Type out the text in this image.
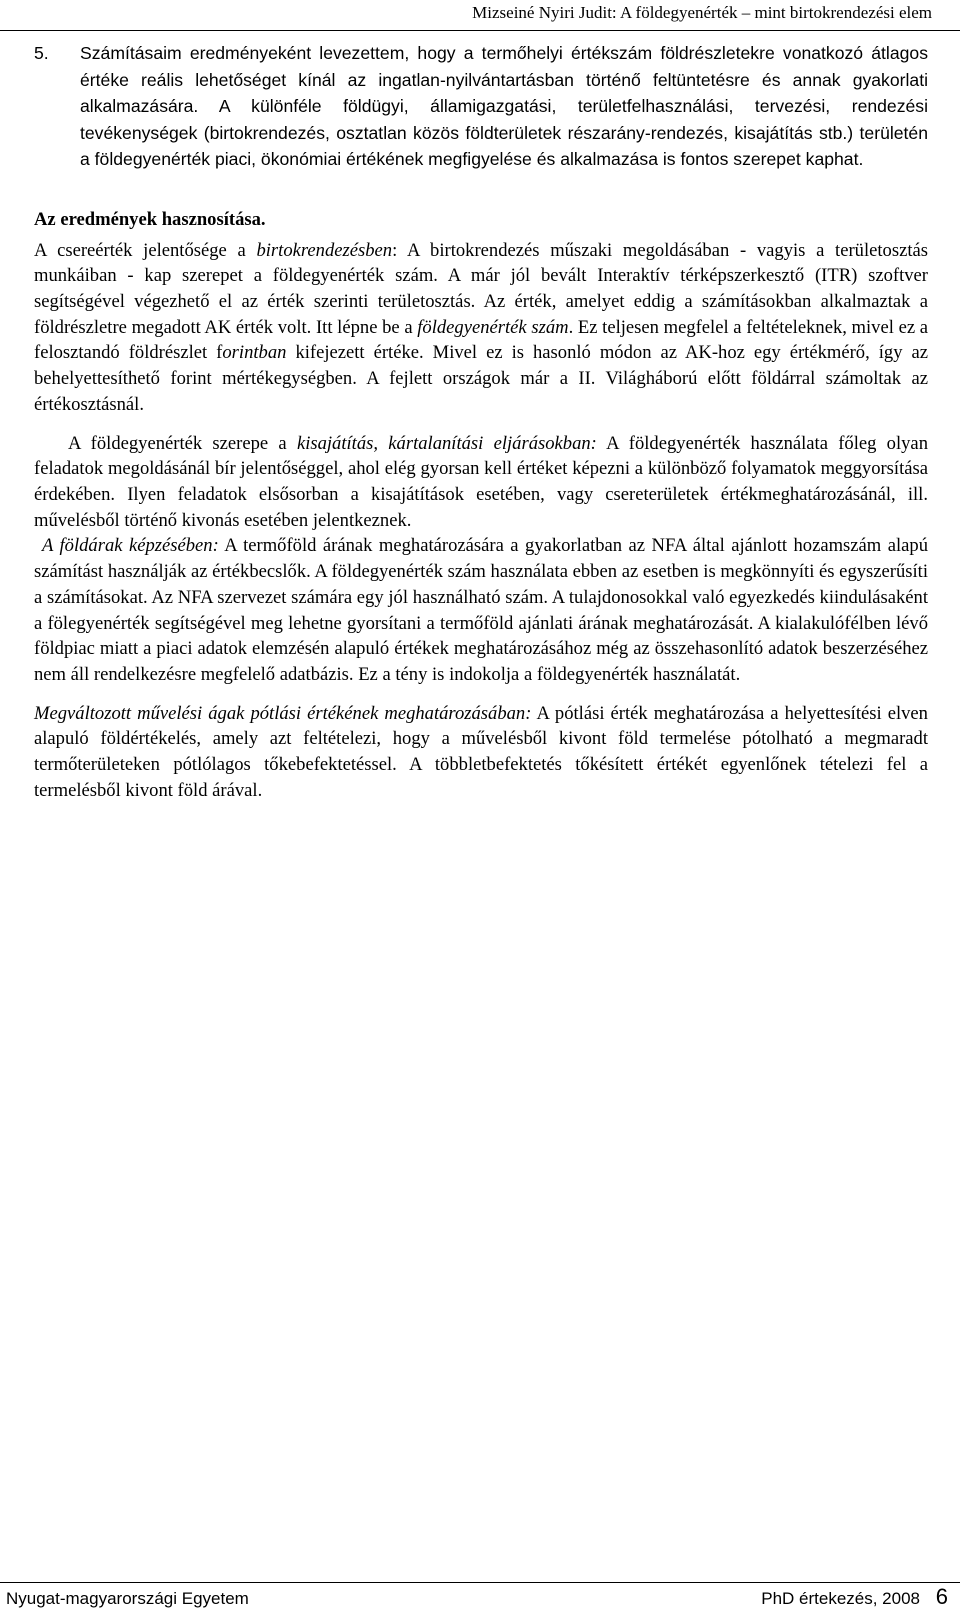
Mizseiné Nyiri Judit: A földegyenérték – mint birtokrendezési elem
5.	Számításaim eredményeként levezettem, hogy a termőhelyi értékszám földrészletekre vonatkozó átlagos értéke reális lehetőséget kínál az ingatlan-nyilvántartásban történő feltüntetésre és annak gyakorlati alkalmazására. A különféle földügyi, államigazgatási, területfelhasználási, tervezési, rendezési tevékenységek (birtokrendezés, osztatlan közös földterületek részarány-rendezés, kisajátítás stb.) területén a földegyenérték piaci, ökonómiai értékének megfigyelése és alkalmazása is fontos szerepet kaphat.
Az eredmények hasznosítása.

A csereérték jelentősége a birtokrendezésben: A birtokrendezés műszaki megoldásában - vagyis a területosztás munkáiban - kap szerepet a földegyenérték szám. A már jól bevált Interaktív térképszerkesztő (ITR) szoftver segítségével végezhető el az érték szerinti területosztás. Az érték, amelyet eddig a számításokban alkalmaztak a földrészletre megadott AK érték volt. Itt lépne be a földegyenérték szám. Ez teljesen megfelel a feltételeknek, mivel ez a felosztandó földrészlet forintban kifejezett értéke. Mivel ez is hasonló módon az AK-hoz egy értékmérő, így az behelyettesíthető forint mértékegységben. A fejlett országok már a II. Világháború előtt földárral számoltak az értékosztásnál.

A földegyenérték szerepe a kisajátítás, kártalanítási eljárásokban: A földegyenérték használata főleg olyan feladatok megoldásánál bír jelentőséggel, ahol elég gyorsan kell értéket képezni a különböző folyamatok meggyorsítása érdekében. Ilyen feladatok elsősorban a kisajátítások esetében, vagy csereterületek értékmeghatározásánál, ill. művelésből történő kivonás esetében jelentkeznek.

A földárak képzésében: A termőföld árának meghatározására a gyakorlatban az NFA által ajánlott hozamszám alapú számítást használják az értékbecslők. A földegyenérték szám használata ebben az esetben is megkönnyíti és egyszerűsíti a számításokat. Az NFA szervezet számára egy jól használható szám. A tulajdonosokkal való egyezkedés kiindulásaként a fölegyenérték segítségével meg lehetne gyorsítani a termőföld ajánlati árának meghatározását. A kialakulófélben lévő földpiac miatt a piaci adatok elemzésén alapuló értékek meghatározásához még az összehasonlító adatok beszerzéséhez nem áll rendelkezésre megfelelő adatbázis. Ez a tény is indokolja a földegyenérték használatát.

Megváltozott művelési ágak pótlási értékének meghatározásában: A pótlási érték meghatározása a helyettesítési elven alapuló földértékelés, amely azt feltételezi, hogy a művelésből kivont föld termelése pótolható a megmaradt termőterületeken pótlólagos tőkebefektetéssel. A többletbefektetés tőkésített értékét egyenlőnek tételezi fel a termelésből kivont föld árával.

Nyugat-magyarországi Egyetem	PhD értekezés, 2008 6
